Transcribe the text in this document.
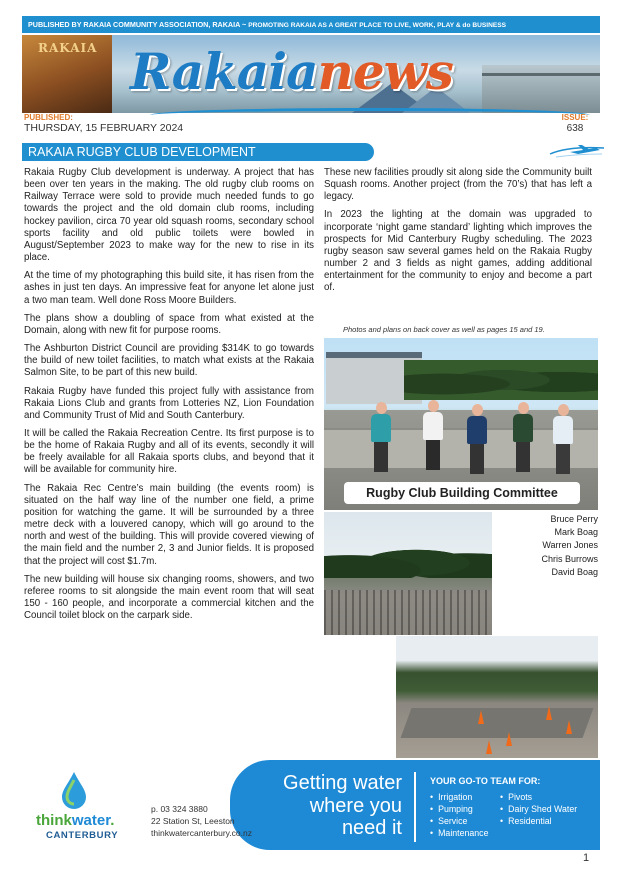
PUBLISHED BY RAKAIA COMMUNITY ASSOCIATION, RAKAIA ~ PROMOTING RAKAIA AS A GREAT PLACE TO LIVE, WORK, PLAY & do BUSINESS
RAKAIA Rakaianews
PUBLISHED:
THURSDAY, 15 FEBRUARY 2024
ISSUE:
638
RAKAIA RUGBY CLUB DEVELOPMENT

Rakaia Rugby Club development is underway. A project that has been over ten years in the making. The old rugby club rooms on Railway Terrace were sold to provide much needed funds to go towards the project and the old domain club rooms, including hockey pavilion, circa 70 year old squash rooms, secondary school sports facility and old public toilets were bowled in August/September 2023 to make way for the new to rise in its place.

At the time of my photographing this build site, it has risen from the ashes in just ten days. An impressive feat for anyone let alone just a two man team. Well done Ross Moore Builders.

The plans show a doubling of space from what existed at the Domain, along with new fit for purpose rooms.

The Ashburton District Council are providing $314K to go towards the build of new toilet facilities, to match what exists at the Rakaia Salmon Site, to be part of this new build.

Rakaia Rugby have funded this project fully with assistance from Rakaia Lions Club and grants from Lotteries NZ, Lion Foundation and Community Trust of Mid and South Canterbury.

It will be called the Rakaia Recreation Centre. Its first purpose is to be the home of Rakaia Rugby and all of its events, secondly it will be freely available for all Rakaia sports clubs, and beyond that it will be available for community hire.

The Rakaia Rec Centre’s main building (the events room) is situated on the half way line of the number one field, a prime position for watching the game. It will be surrounded by a three metre deck with a louvered canopy, which will go around to the north and west of the building. This will provide covered viewing of the main field and the number 2, 3 and Junior fields. It is proposed that the project will cost $1.7m.

The new building will house six changing rooms, showers, and two referee rooms to sit alongside the main event room that will seat 150 - 160 people, and incorporate a commercial kitchen and the Council toilet block on the carpark side.

These new facilities proudly sit along side the Community built Squash rooms. Another project (from the 70’s) that has left a legacy.

In 2023 the lighting at the domain was upgraded to incorporate ‘night game standard’ lighting which improves the prospects for Mid Canterbury Rugby scheduling. The 2023 rugby season saw several games held on the Rakaia Rugby number 2 and 3 fields as night games, adding additional entertainment for the community to enjoy and become a part of.

Photos and plans on back cover as well as pages 15 and 19.
Rugby Club Building Committee
Bruce Perry
Mark Boag
Warren Jones
Chris Burrows
David Boag
thinkwater.
CANTERBURY
p. 03 324 3880
22 Station St, Leeston
thinkwatercanterbury.co.nz
Getting water
where you
need it
YOUR GO-TO TEAM FOR:
• Irrigation
• Pumping
• Service
• Maintenance
• Pivots
• Dairy Shed Water
• Residential
1
